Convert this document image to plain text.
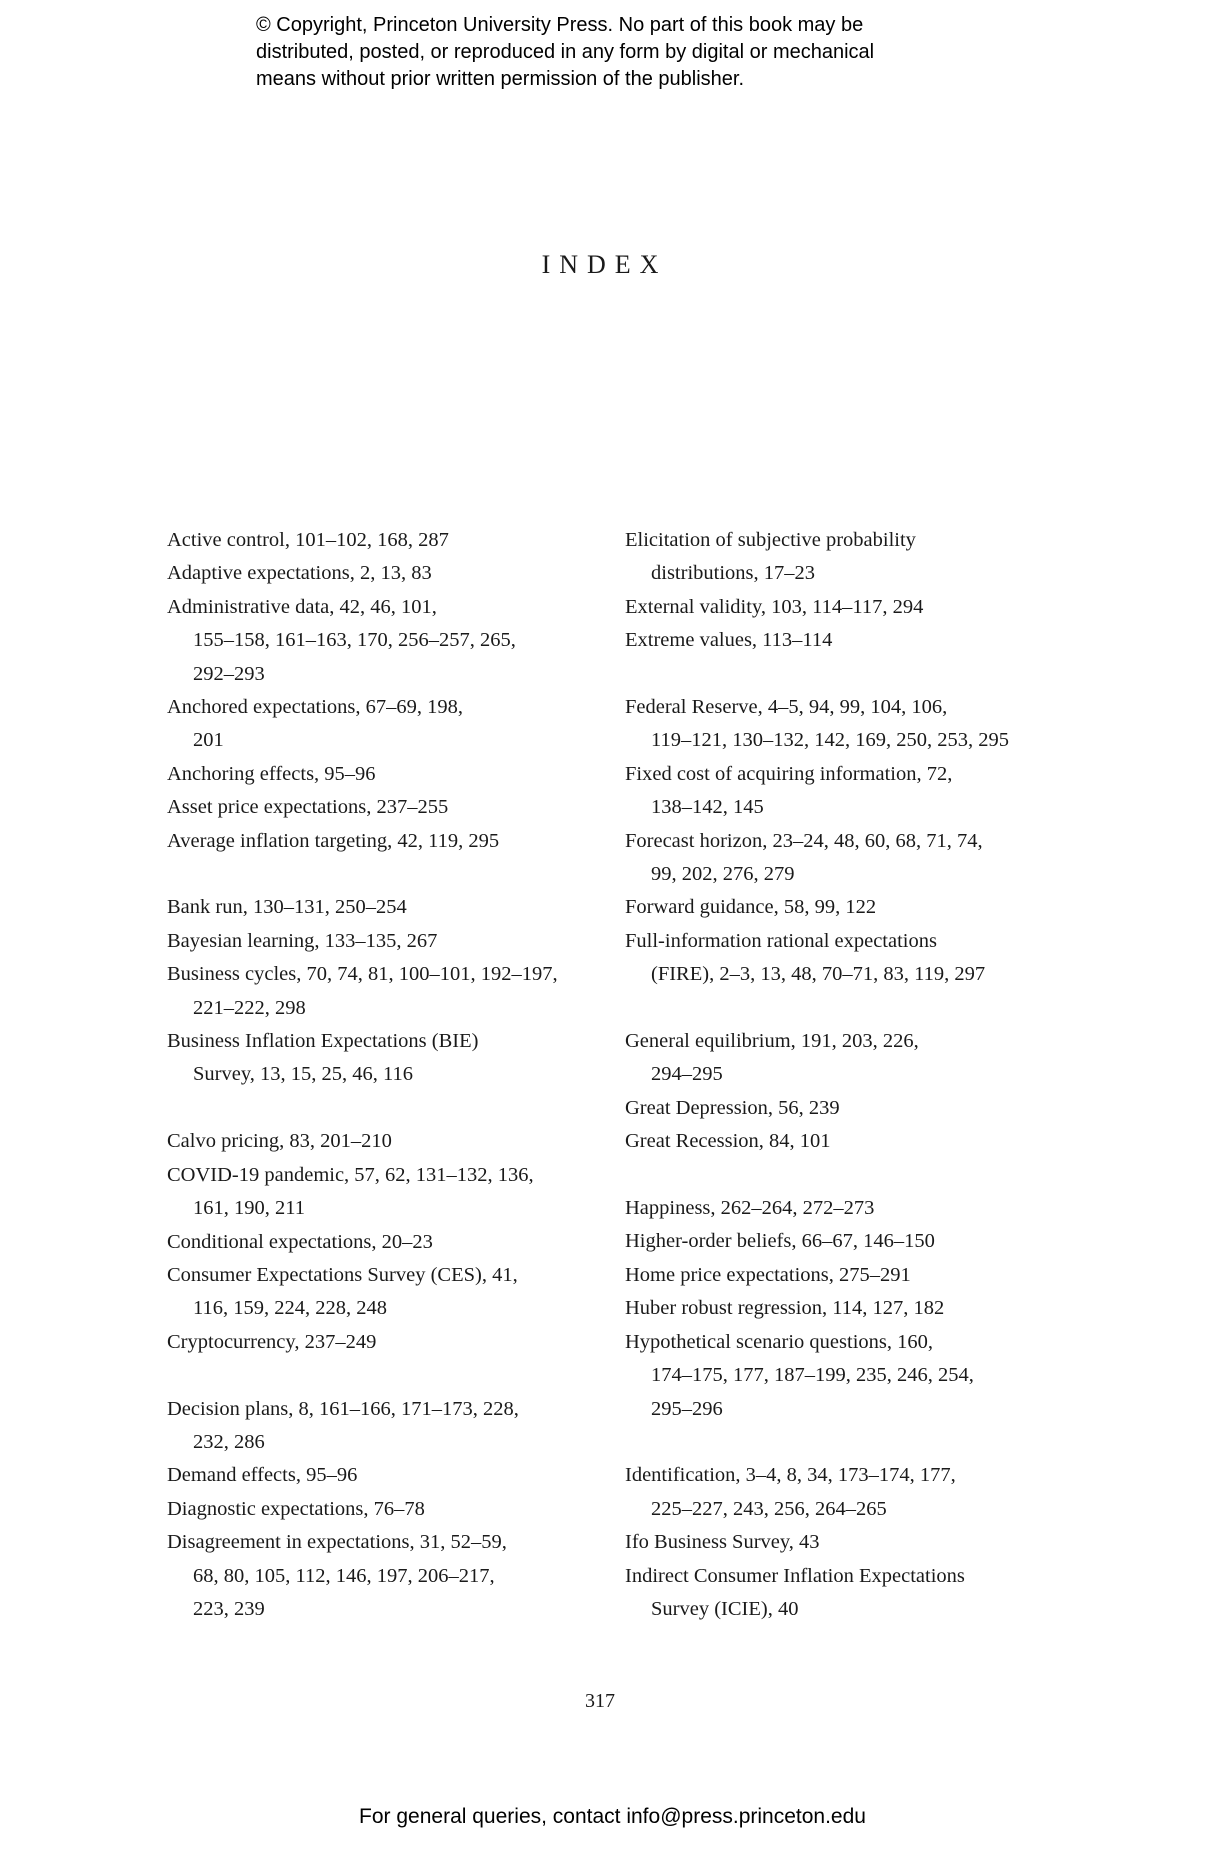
© Copyright, Princeton University Press. No part of this book may be
distributed, posted, or reproduced in any form by digital or mechanical
means without prior written permission of the publisher.
INDEX
Active control, 101–102, 168, 287
Adaptive expectations, 2, 13, 83
Administrative data, 42, 46, 101,
155–158, 161–163, 170, 256–257, 265,
292–293
Anchored expectations, 67–69, 198,
201
Anchoring effects, 95–96
Asset price expectations, 237–255
Average inflation targeting, 42, 119, 295
Bank run, 130–131, 250–254
Bayesian learning, 133–135, 267
Business cycles, 70, 74, 81, 100–101, 192–197,
221–222, 298
Business Inflation Expectations (BIE)
Survey, 13, 15, 25, 46, 116
Calvo pricing, 83, 201–210
COVID-19 pandemic, 57, 62, 131–132, 136,
161, 190, 211
Conditional expectations, 20–23
Consumer Expectations Survey (CES), 41,
116, 159, 224, 228, 248
Cryptocurrency, 237–249
Decision plans, 8, 161–166, 171–173, 228,
232, 286
Demand effects, 95–96
Diagnostic expectations, 76–78
Disagreement in expectations, 31, 52–59,
68, 80, 105, 112, 146, 197, 206–217,
223, 239
Elicitation of subjective probability
distributions, 17–23
External validity, 103, 114–117, 294
Extreme values, 113–114
Federal Reserve, 4–5, 94, 99, 104, 106,
119–121, 130–132, 142, 169, 250, 253, 295
Fixed cost of acquiring information, 72,
138–142, 145
Forecast horizon, 23–24, 48, 60, 68, 71, 74,
99, 202, 276, 279
Forward guidance, 58, 99, 122
Full-information rational expectations
(FIRE), 2–3, 13, 48, 70–71, 83, 119, 297
General equilibrium, 191, 203, 226,
294–295
Great Depression, 56, 239
Great Recession, 84, 101
Happiness, 262–264, 272–273
Higher-order beliefs, 66–67, 146–150
Home price expectations, 275–291
Huber robust regression, 114, 127, 182
Hypothetical scenario questions, 160,
174–175, 177, 187–199, 235, 246, 254,
295–296
Identification, 3–4, 8, 34, 173–174, 177,
225–227, 243, 256, 264–265
Ifo Business Survey, 43
Indirect Consumer Inflation Expectations
Survey (ICIE), 40
317
For general queries, contact info@press.princeton.edu
